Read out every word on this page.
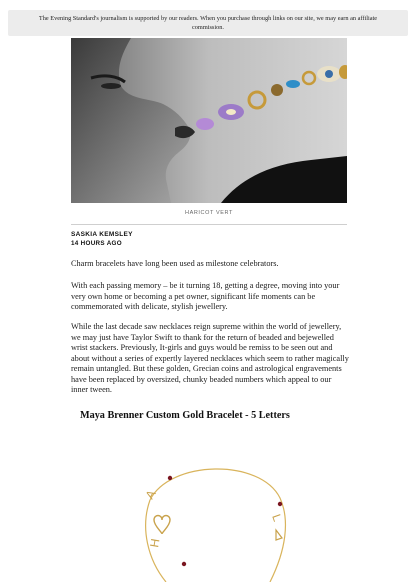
The Evening Standard's journalism is supported by our readers. When you purchase through links on our site, we may earn an affiliate commission.
HARICOT VERT
SASKIA KEMSLEY
14 HOURS AGO

Charm bracelets have long been used as milestone celebrators.

With each passing memory – be it turning 18, getting a degree, moving into your very own home or becoming a pet owner, significant life moments can be commemorated with delicate, stylish jewellery.

While the last decade saw necklaces reign supreme within the world of jewellery, we may just have Taylor Swift to thank for the return of beaded and bejewelled wrist stackers. Previously, It-girls and guys would be remiss to be seen out and about without a series of expertly layered necklaces which seem to rather magically remain untangled. But these golden, Grecian coins and astrological engravements have been replaced by oversized, chunky beaded numbers which appeal to our inner tween.

Maya Brenner Custom Gold Bracelet - 5 Letters
A
H
L
